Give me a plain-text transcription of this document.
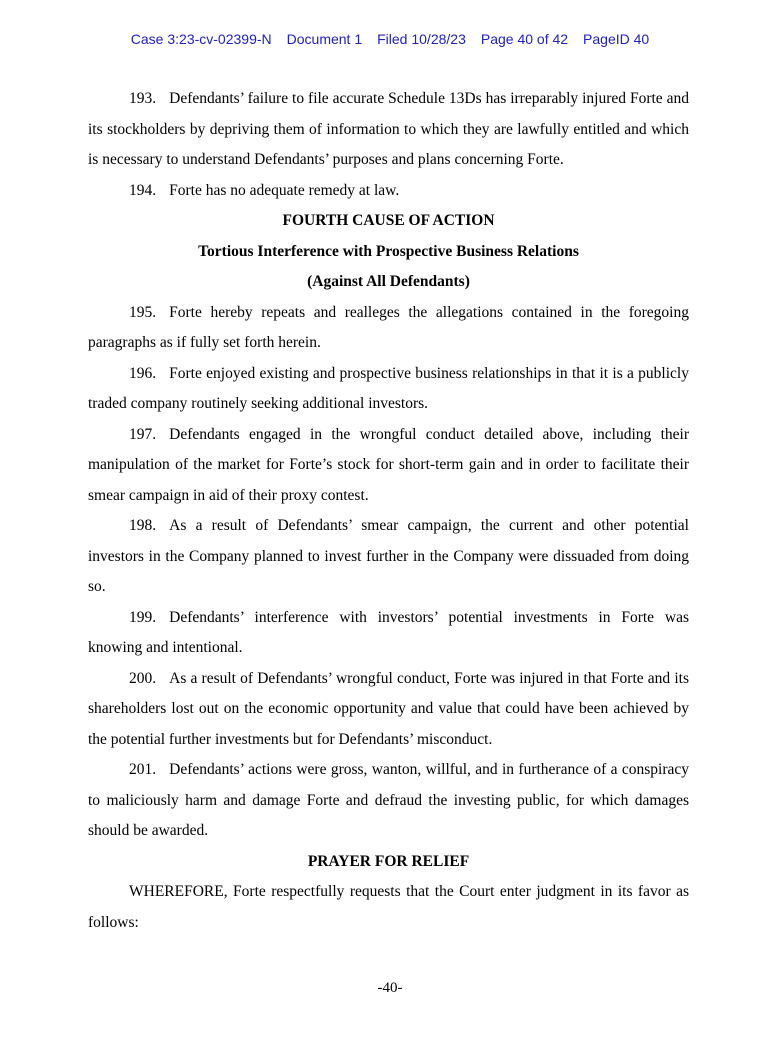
Case 3:23-cv-02399-N Document 1 Filed 10/28/23 Page 40 of 42 PageID 40

193. Defendants’ failure to file accurate Schedule 13Ds has irreparably injured Forte and its stockholders by depriving them of information to which they are lawfully entitled and which is necessary to understand Defendants’ purposes and plans concerning Forte.

194. Forte has no adequate remedy at law.

FOURTH CAUSE OF ACTION

Tortious Interference with Prospective Business Relations

(Against All Defendants)

195. Forte hereby repeats and realleges the allegations contained in the foregoing paragraphs as if fully set forth herein.

196. Forte enjoyed existing and prospective business relationships in that it is a publicly traded company routinely seeking additional investors.

197. Defendants engaged in the wrongful conduct detailed above, including their manipulation of the market for Forte’s stock for short-term gain and in order to facilitate their smear campaign in aid of their proxy contest.

198. As a result of Defendants’ smear campaign, the current and other potential investors in the Company planned to invest further in the Company were dissuaded from doing so.

199. Defendants’ interference with investors’ potential investments in Forte was knowing and intentional.

200. As a result of Defendants’ wrongful conduct, Forte was injured in that Forte and its shareholders lost out on the economic opportunity and value that could have been achieved by the potential further investments but for Defendants’ misconduct.

201. Defendants’ actions were gross, wanton, willful, and in furtherance of a conspiracy to maliciously harm and damage Forte and defraud the investing public, for which damages should be awarded.

PRAYER FOR RELIEF

WHEREFORE, Forte respectfully requests that the Court enter judgment in its favor as follows:

-40-
